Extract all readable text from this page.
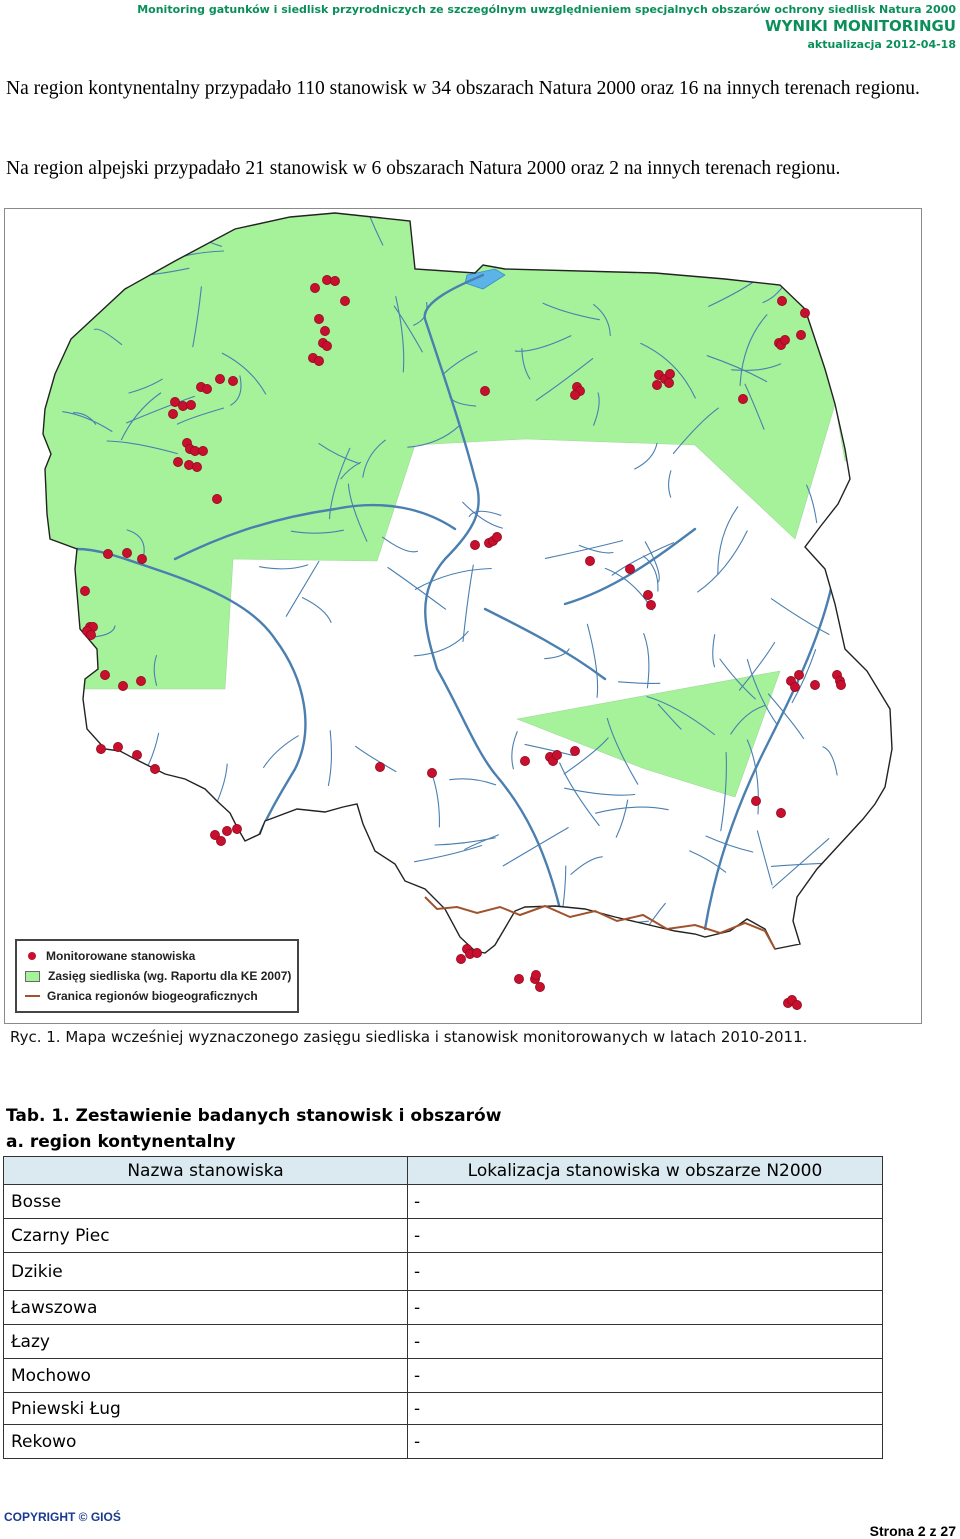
Monitoring gatunków i siedlisk przyrodniczych ze szczególnym uwzględnieniem specjalnych obszarów ochrony siedlisk Natura 2000
WYNIKI MONITORINGU
aktualizacja 2012-04-18
Na region kontynentalny przypadało 110 stanowisk w 34 obszarach Natura 2000 oraz 16 na innych terenach regionu.
Na region alpejski przypadało 21 stanowisk w 6 obszarach Natura 2000 oraz 2 na innych terenach regionu.
Monitorowane stanowiska
Zasięg siedliska (wg. Raportu dla KE 2007)
Granica regionów biogeograficznych
Ryc. 1. Mapa wcześniej wyznaczonego zasięgu siedliska i stanowisk monitorowanych w latach 2010-2011.
Tab. 1. Zestawienie badanych stanowisk i obszarów
a. region kontynentalny
Nazwa stanowiska	Lokalizacja stanowiska w obszarze N2000
Bosse	-
Czarny Piec	-
Dzikie	-
Ławszowa	-
Łazy	-
Mochowo	-
Pniewski Ług	-
Rekowo	-
COPYRIGHT © GIOŚ
Strona 2 z 27
